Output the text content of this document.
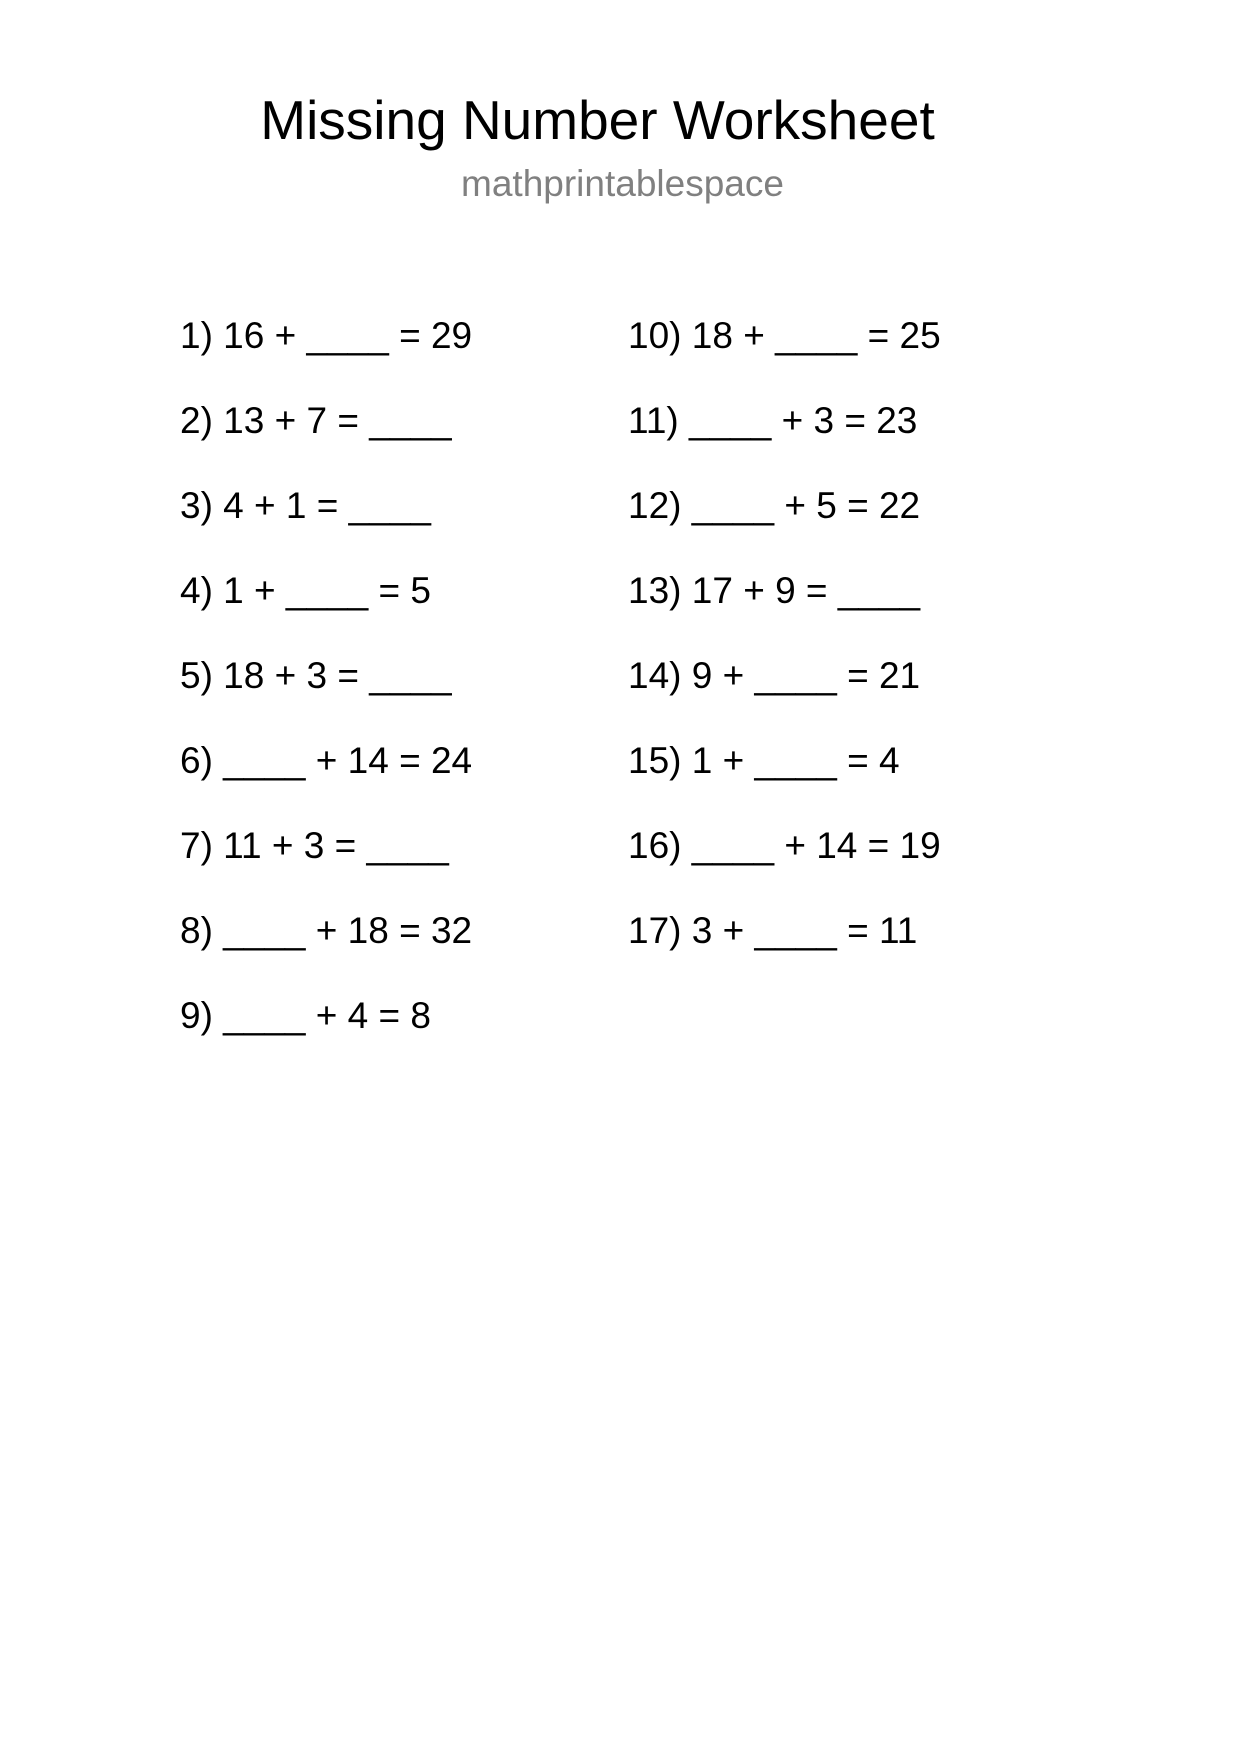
Missing Number Worksheet
mathprintablespace
1) 16 + ____ = 29
2) 13 + 7 = ____
3) 4 + 1 = ____
4) 1 + ____ = 5
5) 18 + 3 = ____
6) ____ + 14 = 24
7) 11 + 3 = ____
8) ____ + 18 = 32
9) ____ + 4 = 8
10) 18 + ____ = 25
11) ____ + 3 = 23
12) ____ + 5 = 22
13) 17 + 9 = ____
14) 9 + ____ = 21
15) 1 + ____ = 4
16) ____ + 14 = 19
17) 3 + ____ = 11
